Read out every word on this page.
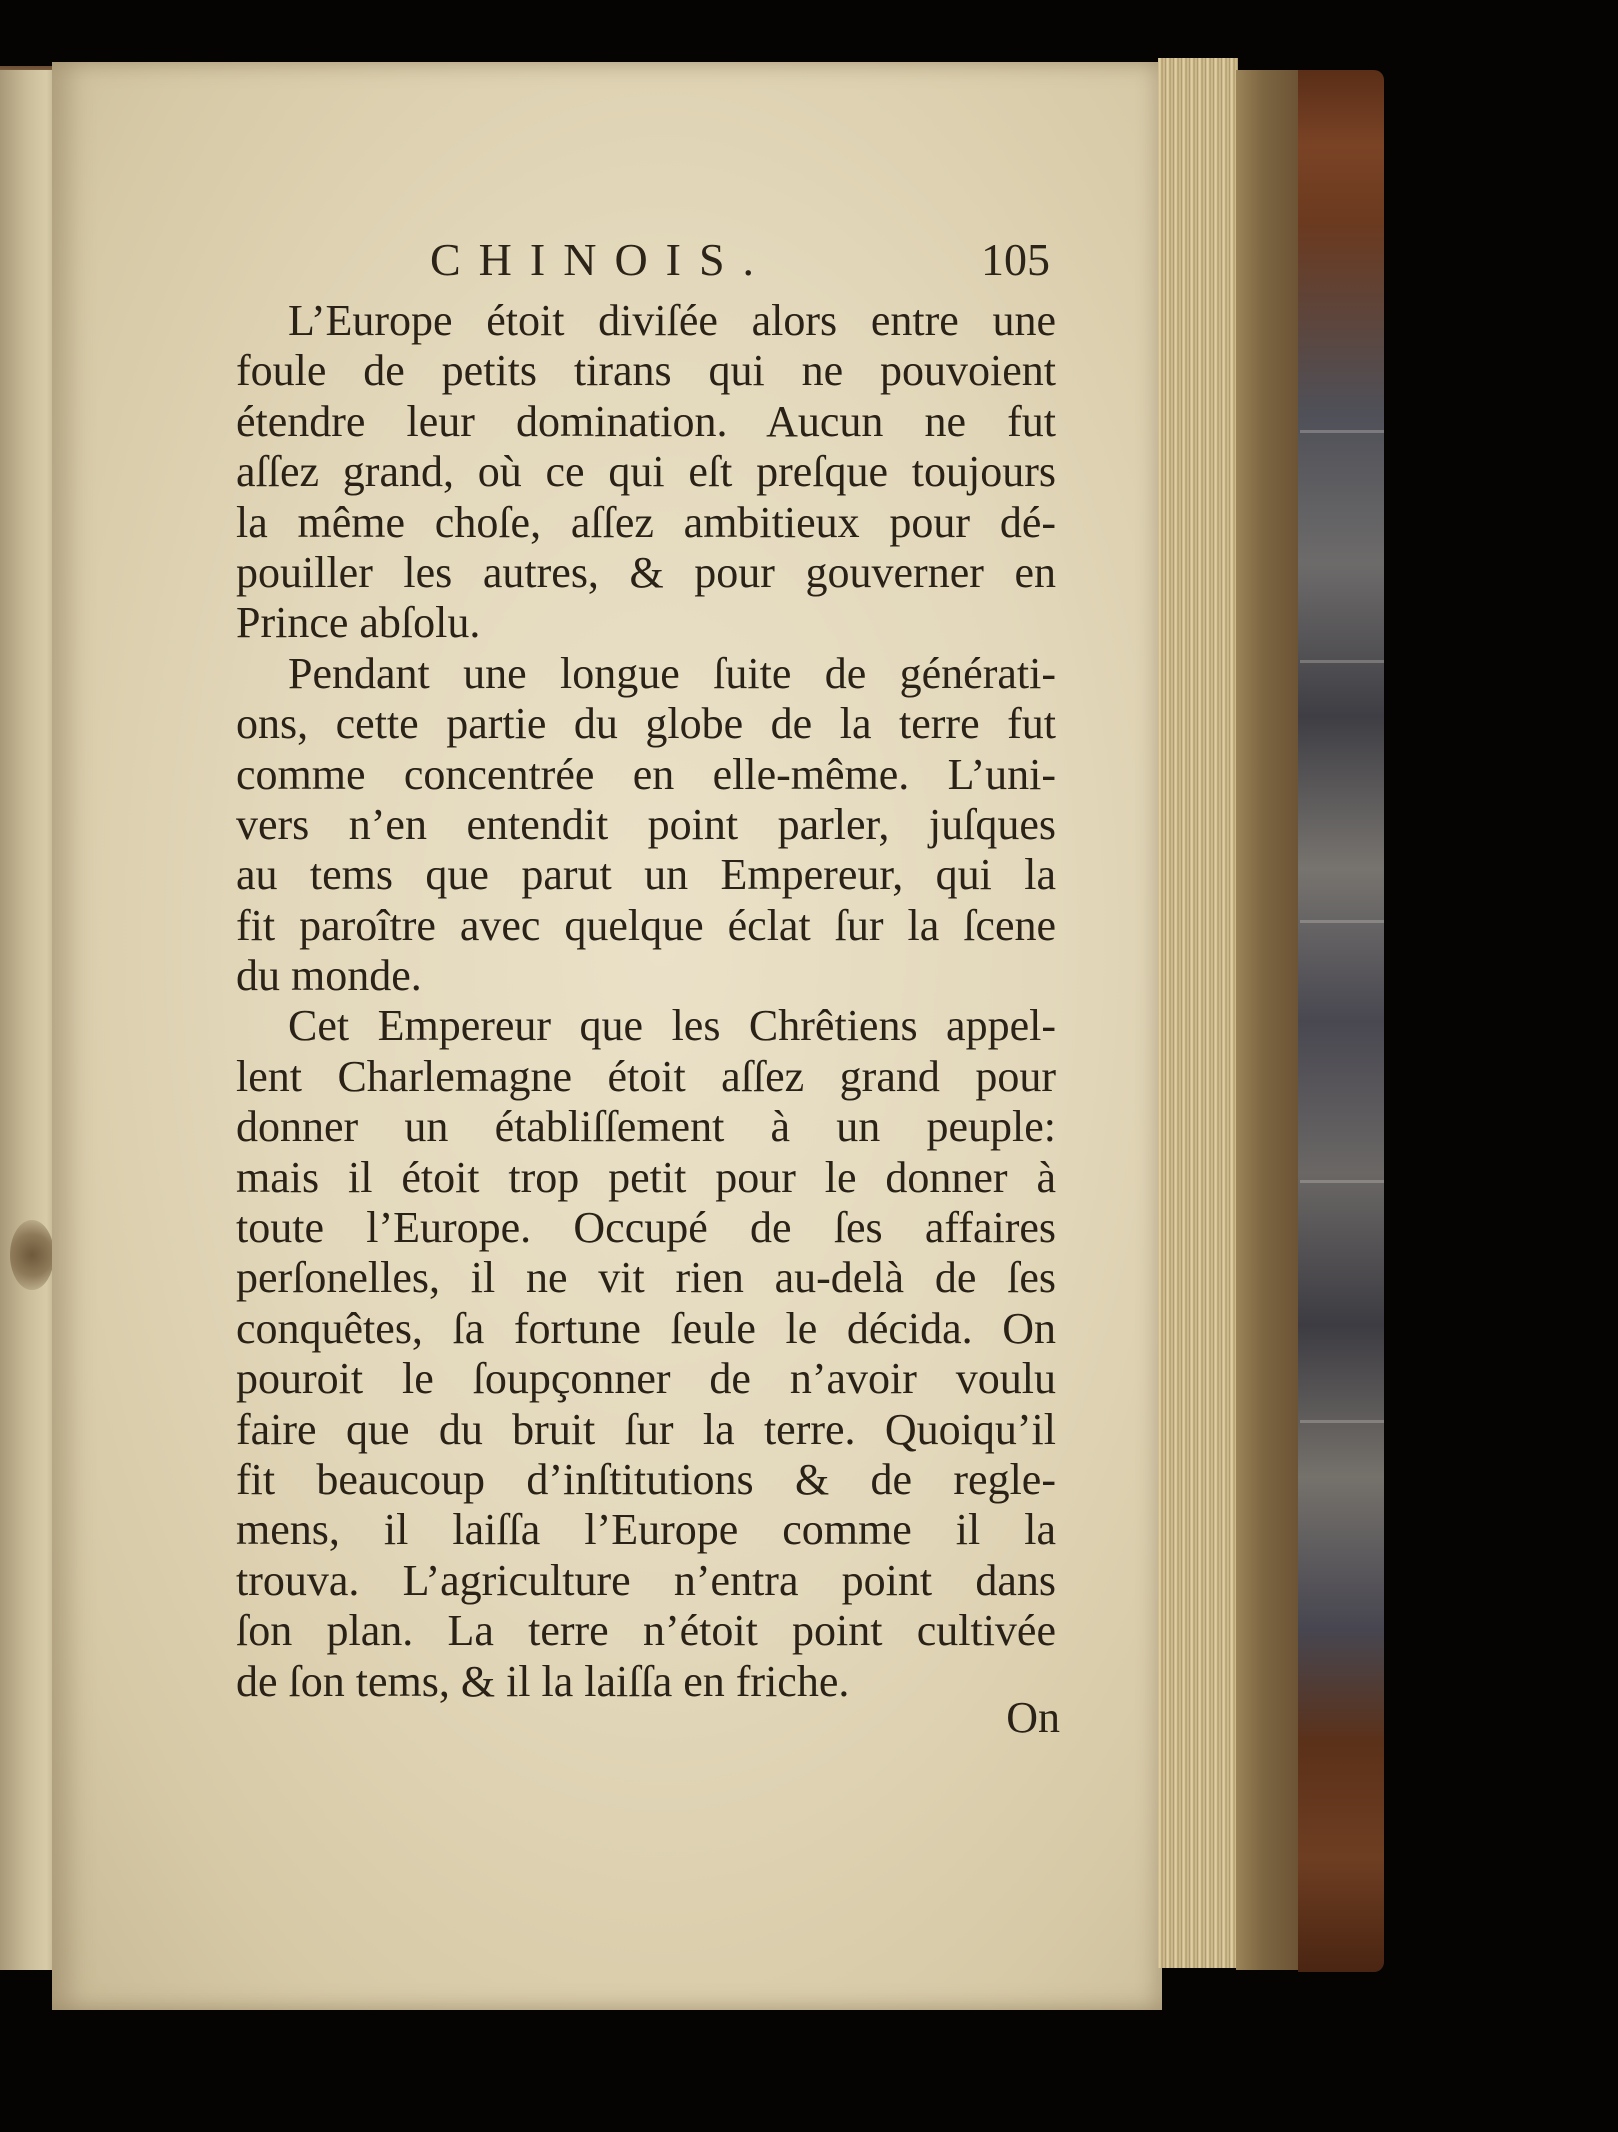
CHINOIS.	105
L’Europe étoit diviſée alors entre une
foule de petits tirans qui ne pouvoient
étendre leur domination. Aucun ne fut
aſſez grand, où ce qui eſt preſque toujours
la même choſe, aſſez ambitieux pour dé-
pouiller les autres, & pour gouverner en
Prince abſolu.
Pendant une longue ſuite de générati-
ons, cette partie du globe de la terre fut
comme concentrée en elle-même. L’uni-
vers n’en entendit point parler, juſques
au tems que parut un Empereur, qui la
fit paroître avec quelque éclat ſur la ſcene
du monde.
Cet Empereur que les Chrêtiens appel-
lent Charlemagne étoit aſſez grand pour
donner un établiſſement à un peuple:
mais il étoit trop petit pour le donner à
toute l’Europe. Occupé de ſes affaires
perſonelles, il ne vit rien au-delà de ſes
conquêtes, ſa fortune ſeule le décida. On
pouroit le ſoupçonner de n’avoir voulu
faire que du bruit ſur la terre. Quoiqu’il
fit beaucoup d’inſtitutions & de regle-
mens, il laiſſa l’Europe comme il la
trouva. L’agriculture n’entra point dans
ſon plan. La terre n’étoit point cultivée
de ſon tems, & il la laiſſa en friche.
On
